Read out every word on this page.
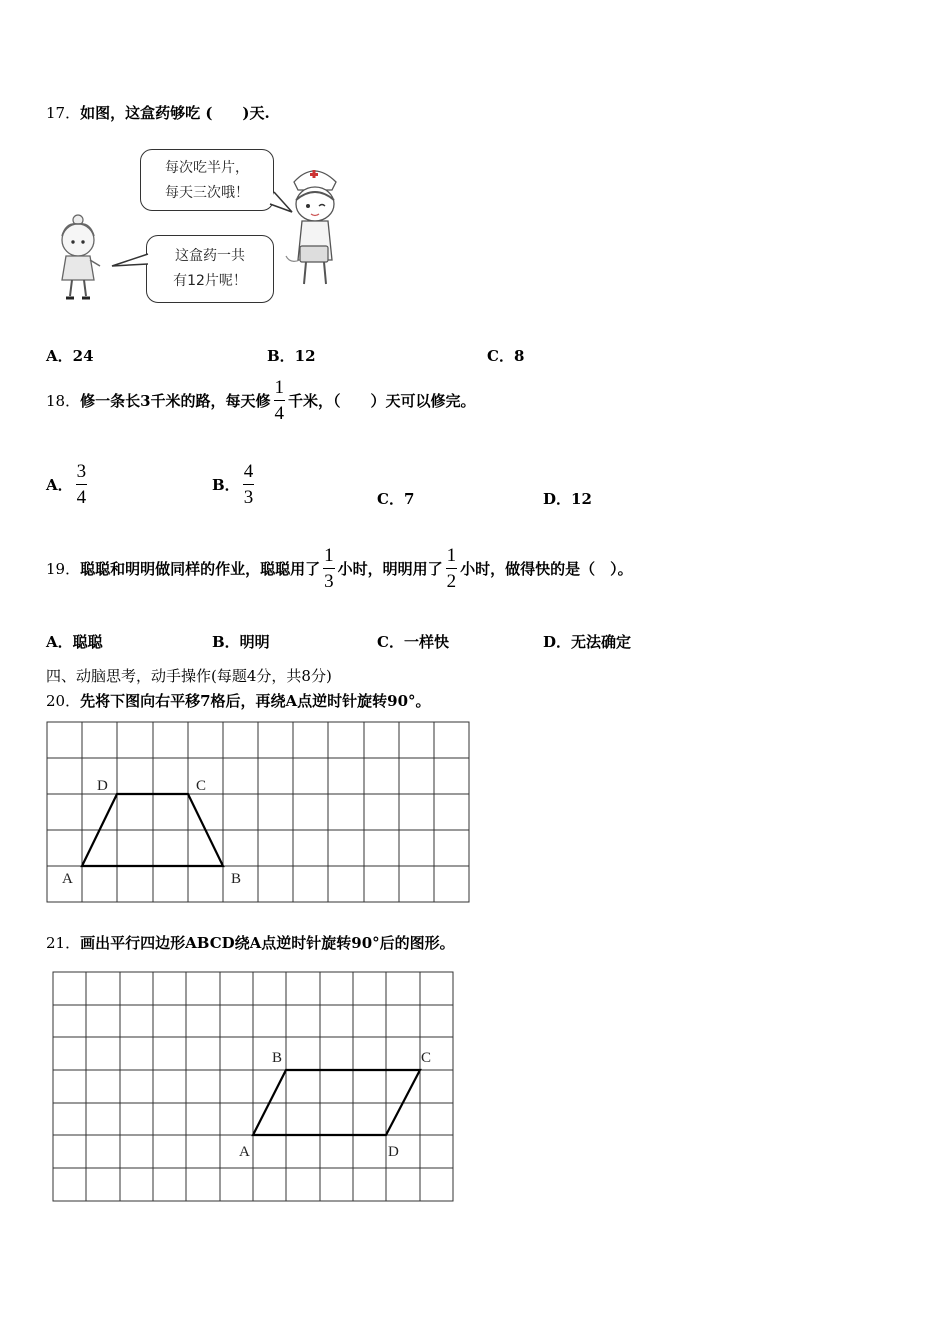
17．如图，这盒药够吃 (　　)天.
每次吃半片，
每天三次哦！
这盒药一共
有12片呢！
A．24	B．12	C．8
18．修一条长3千米的路，每天修 $\frac{1}{4}$ 千米，（　　）天可以修完。
A． $\frac{3}{4}$	B． $\frac{4}{3}$	C．7	D．12
19．聪聪和明明做同样的作业，聪聪用了 $\frac{1}{3}$ 小时，明明用了 $\frac{1}{2}$ 小时，做得快的是（　）。
A．聪聪	B．明明	C．一样快	D．无法确定
四、动脑思考，动手操作(每题4分，共8分)
20．先将下图向右平移7格后，再绕A点逆时针旋转90°。
D	C
A	B
21．画出平行四边形ABCD绕A点逆时针旋转90°后的图形。
B	C
A	D
